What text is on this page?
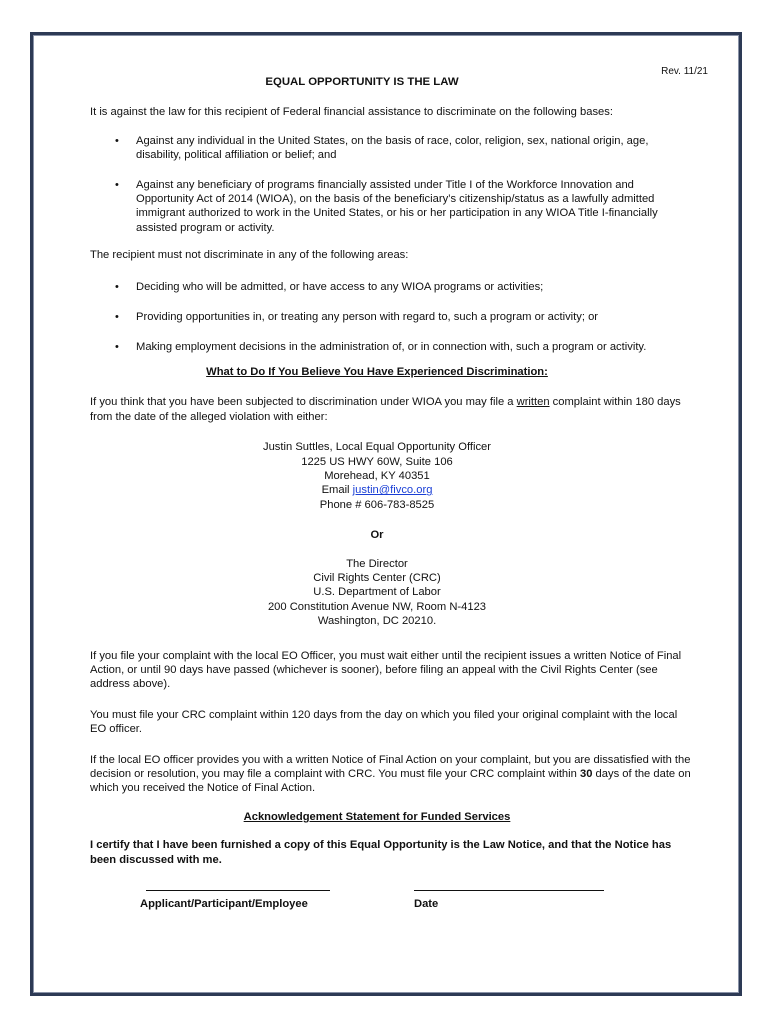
Rev. 11/21
EQUAL OPPORTUNITY IS THE LAW

It is against the law for this recipient of Federal financial assistance to discriminate on the following bases:

• Against any individual in the United States, on the basis of race, color, religion, sex, national origin, age, disability, political affiliation or belief; and
• Against any beneficiary of programs financially assisted under Title I of the Workforce Innovation and Opportunity Act of 2014 (WIOA), on the basis of the beneficiary’s citizenship/status as a lawfully admitted immigrant authorized to work in the United States, or his or her participation in any WIOA Title I-financially assisted program or activity.

The recipient must not discriminate in any of the following areas:

• Deciding who will be admitted, or have access to any WIOA programs or activities;
• Providing opportunities in, or treating any person with regard to, such a program or activity; or
• Making employment decisions in the administration of, or in connection with, such a program or activity.
What to Do If You Believe You Have Experienced Discrimination:

If you think that you have been subjected to discrimination under WIOA you may file a written complaint within 180 days from the date of the alleged violation with either:

Justin Suttles, Local Equal Opportunity Officer
1225 US HWY 60W, Suite 106
Morehead, KY 40351
Email justin@fivco.org
Phone # 606-783-8525
Or
The Director
Civil Rights Center (CRC)
U.S. Department of Labor
200 Constitution Avenue NW, Room N-4123
Washington, DC 20210.

If you file your complaint with the local EO Officer, you must wait either until the recipient issues a written Notice of Final Action, or until 90 days have passed (whichever is sooner), before filing an appeal with the Civil Rights Center (see address above).

You must file your CRC complaint within 120 days from the day on which you filed your original complaint with the local EO officer.

If the local EO officer provides you with a written Notice of Final Action on your complaint, but you are dissatisfied with the decision or resolution, you may file a complaint with CRC. You must file your CRC complaint within 30 days of the date on which you received the Notice of Final Action.

Acknowledgement Statement for Funded Services

I certify that I have been furnished a copy of this Equal Opportunity is the Law Notice, and that the Notice has been discussed with me.

Applicant/Participant/Employee	Date
